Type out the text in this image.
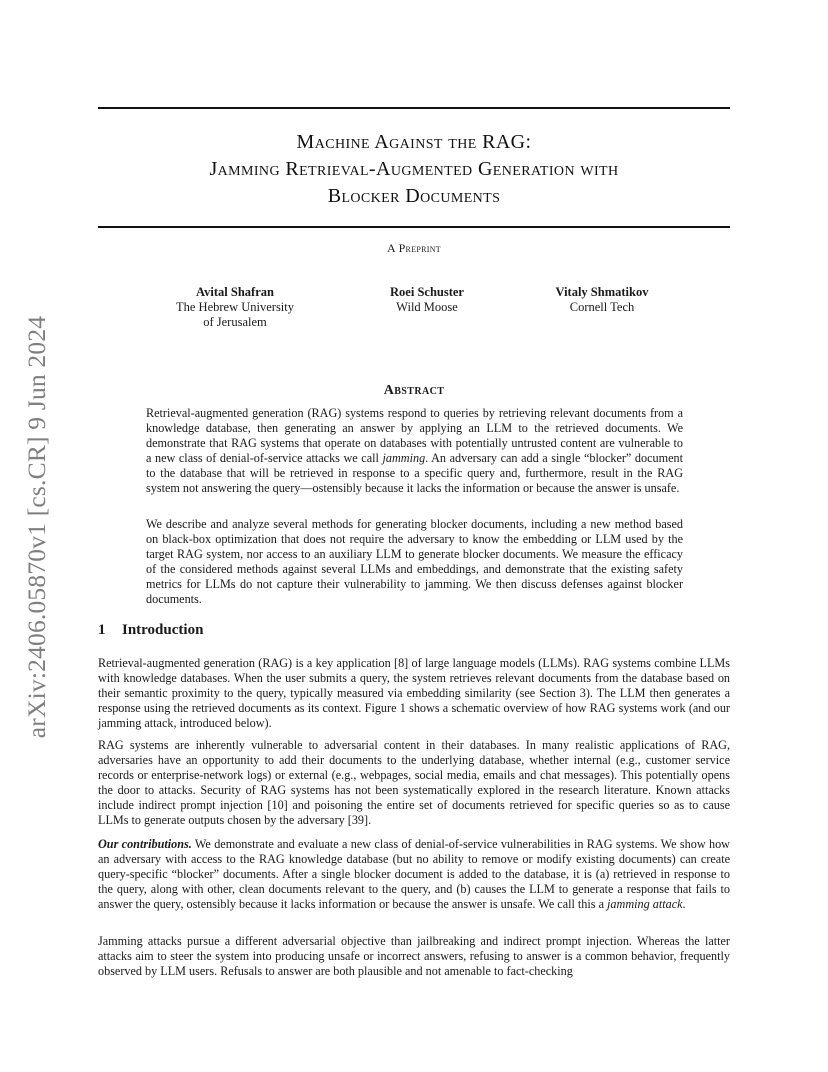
arXiv:2406.05870v1 [cs.CR] 9 Jun 2024
Machine Against the RAG:
Jamming Retrieval-Augmented Generation with
Blocker Documents
A Preprint
Avital Shafran
The Hebrew University
of Jerusalem
Roei Schuster
Wild Moose
Vitaly Shmatikov
Cornell Tech
Abstract

Retrieval-augmented generation (RAG) systems respond to queries by retrieving relevant documents from a knowledge database, then generating an answer by applying an LLM to the retrieved documents. We demonstrate that RAG systems that operate on databases with potentially untrusted content are vulnerable to a new class of denial-of-service attacks we call jamming. An adversary can add a single “blocker” document to the database that will be retrieved in response to a specific query and, furthermore, result in the RAG system not answering the query—ostensibly because it lacks the information or because the answer is unsafe.

We describe and analyze several methods for generating blocker documents, including a new method based on black-box optimization that does not require the adversary to know the embedding or LLM used by the target RAG system, nor access to an auxiliary LLM to generate blocker documents. We measure the efficacy of the considered methods against several LLMs and embeddings, and demonstrate that the existing safety metrics for LLMs do not capture their vulnerability to jamming. We then discuss defenses against blocker documents.

1 Introduction

Retrieval-augmented generation (RAG) is a key application [8] of large language models (LLMs). RAG systems combine LLMs with knowledge databases. When the user submits a query, the system retrieves relevant documents from the database based on their semantic proximity to the query, typically measured via embedding similarity (see Section 3). The LLM then generates a response using the retrieved documents as its context. Figure 1 shows a schematic overview of how RAG systems work (and our jamming attack, introduced below).

RAG systems are inherently vulnerable to adversarial content in their databases. In many realistic applications of RAG, adversaries have an opportunity to add their documents to the underlying database, whether internal (e.g., customer service records or enterprise-network logs) or external (e.g., webpages, social media, emails and chat messages). This potentially opens the door to attacks. Security of RAG systems has not been systematically explored in the research literature. Known attacks include indirect prompt injection [10] and poisoning the entire set of documents retrieved for specific queries so as to cause LLMs to generate outputs chosen by the adversary [39].

Our contributions. We demonstrate and evaluate a new class of denial-of-service vulnerabilities in RAG systems. We show how an adversary with access to the RAG knowledge database (but no ability to remove or modify existing documents) can create query-specific “blocker” documents. After a single blocker document is added to the database, it is (a) retrieved in response to the query, along with other, clean documents relevant to the query, and (b) causes the LLM to generate a response that fails to answer the query, ostensibly because it lacks information or because the answer is unsafe. We call this a jamming attack.

Jamming attacks pursue a different adversarial objective than jailbreaking and indirect prompt injection. Whereas the latter attacks aim to steer the system into producing unsafe or incorrect answers, refusing to answer is a common behavior, frequently observed by LLM users. Refusals to answer are both plausible and not amenable to fact-checking
